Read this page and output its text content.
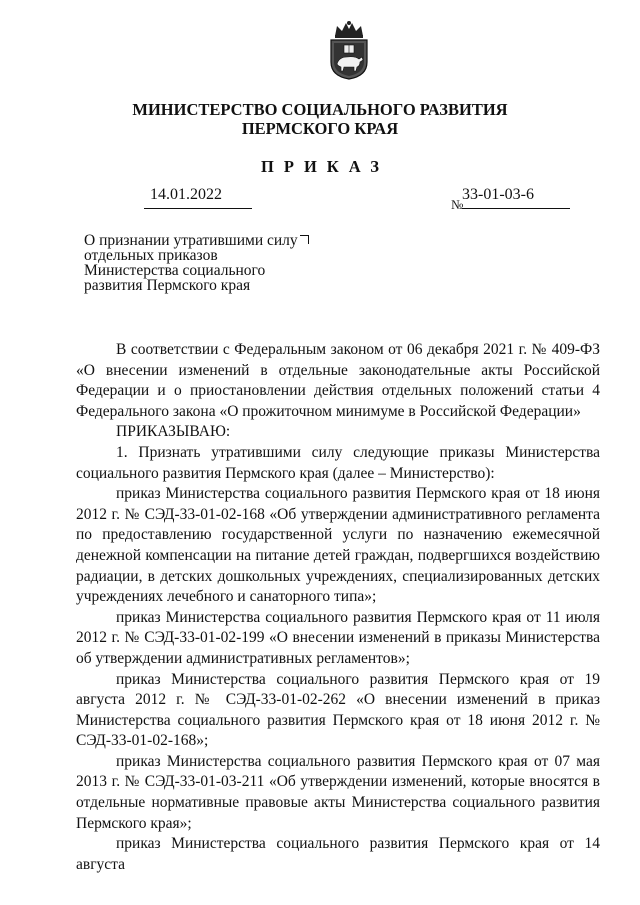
МИНИСТЕРСТВО СОЦИАЛЬНОГО РАЗВИТИЯ
ПЕРМСКОГО КРАЯ
ПРИКАЗ
14.01.2022
№
33-01-03-6
О признании утратившими силу
отдельных приказов
Министерства социального
развития Пермского края

В соответствии с Федеральным законом от 06 декабря 2021 г. № 409-ФЗ «О внесении изменений в отдельные законодательные акты Российской Федерации и о приостановлении действия отдельных положений статьи 4 Федерального закона «О прожиточном минимуме в Российской Федерации»

ПРИКАЗЫВАЮ:

1. Признать утратившими силу следующие приказы Министерства социального развития Пермского края (далее – Министерство):

приказ Министерства социального развития Пермского края от 18 июня 2012 г. № СЭД-33-01-02-168 «Об утверждении административного регламента по предоставлению государственной услуги по назначению ежемесячной денежной компенсации на питание детей граждан, подвергшихся воздействию радиации, в детских дошкольных учреждениях, специализированных детских учреждениях лечебного и санаторного типа»;

приказ Министерства социального развития Пермского края от 11 июля 2012 г. № СЭД-33-01-02-199 «О внесении изменений в приказы Министерства об утверждении административных регламентов»;

приказ Министерства социального развития Пермского края от 19 августа 2012 г. № СЭД-33-01-02-262 «О внесении изменений в приказ Министерства социального развития Пермского края от 18 июня 2012 г. № СЭД-33-01-02-168»;

приказ Министерства социального развития Пермского края от 07 мая 2013 г. № СЭД-33-01-03-211 «Об утверждении изменений, которые вносятся в отдельные нормативные правовые акты Министерства социального развития Пермского края»;

приказ Министерства социального развития Пермского края от 14 августа
